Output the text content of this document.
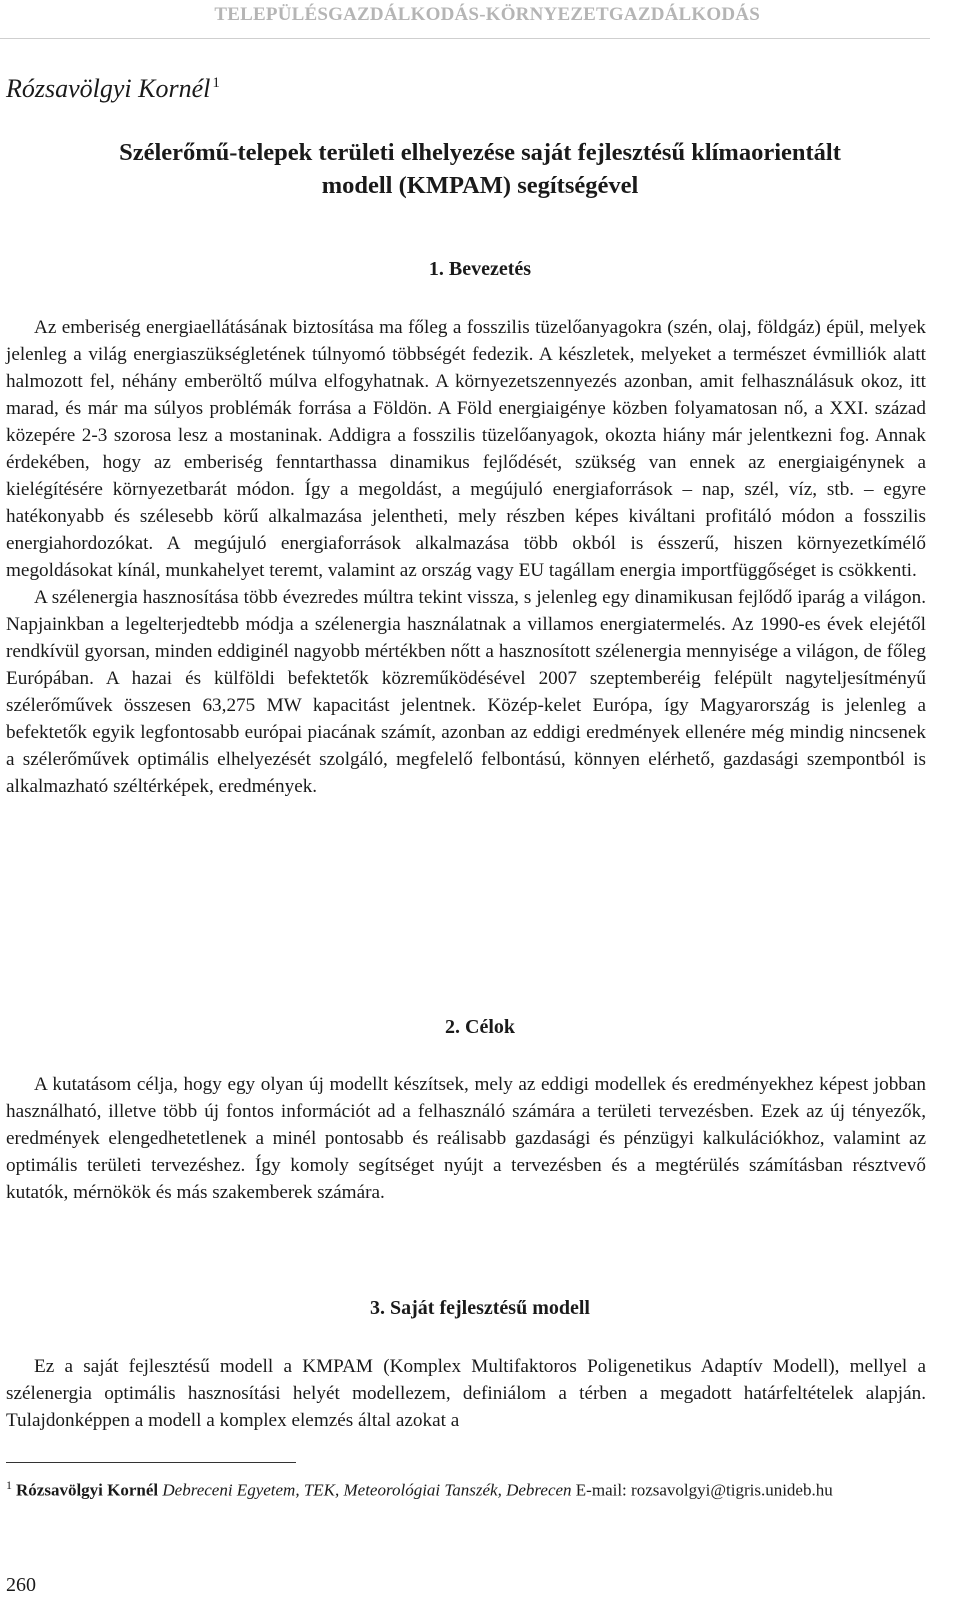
TELEPÜLÉSGAZDÁLKODÁS-KÖRNYEZETGAZDÁLKODÁS
Rózsavölgyi Kornél $^1$
Szélerőmű-telepek területi elhelyezése saját fejlesztésű klímaorientált
modell (KMPAM) segítségével
1. Bevezetés

Az emberiség energiaellátásának biztosítása ma főleg a fosszilis tüzelőanyagokra (szén, olaj, földgáz) épül, melyek jelenleg a világ energiaszükségletének túlnyomó többségét fedezik. A készletek, melyeket a természet évmilliók alatt halmozott fel, néhány emberöltő múlva elfogyhatnak. A környezetszennyezés azonban, amit felhasználásuk okoz, itt marad, és már ma súlyos problémák forrása a Földön. A Föld energiaigénye közben folyamatosan nő, a XXI. század közepére 2-3 szorosa lesz a mostaninak. Addigra a fosszilis tüzelőanyagok, okozta hiány már jelentkezni fog. Annak érdekében, hogy az emberiség fenntarthassa dinamikus fejlődését, szükség van ennek az energiaigénynek a kielégítésére környezetbarát módon. Így a megoldást, a megújuló energiaforrások – nap, szél, víz, stb. – egyre hatékonyabb és szélesebb körű alkalmazása jelentheti, mely részben képes kiváltani profitáló módon a fosszilis energiahordozókat. A megújuló energiaforrások alkalmazása több okból is ésszerű, hiszen környezetkímélő megoldásokat kínál, munkahelyet teremt, valamint az ország vagy EU tagállam energia importfüggőséget is csökkenti.

A szélenergia hasznosítása több évezredes múltra tekint vissza, s jelenleg egy dinamikusan fejlődő iparág a világon. Napjainkban a legelterjedtebb módja a szélenergia használatnak a villamos energiatermelés. Az 1990-es évek elejétől rendkívül gyorsan, minden eddiginél nagyobb mértékben nőtt a hasznosított szélenergia mennyisége a világon, de főleg Európában. A hazai és külföldi befektetők közreműködésével 2007 szeptemberéig felépült nagyteljesítményű szélerőművek összesen 63,275 MW kapacitást jelentnek. Közép-kelet Európa, így Magyarország is jelenleg a befektetők egyik legfontosabb európai piacának számít, azonban az eddigi eredmények ellenére még mindig nincsenek a szélerőművek optimális elhelyezését szolgáló, megfelelő felbontású, könnyen elérhető, gazdasági szempontból is alkalmazható széltérképek, eredmények.

2. Célok

A kutatásom célja, hogy egy olyan új modellt készítsek, mely az eddigi modellek és eredményekhez képest jobban használható, illetve több új fontos információt ad a felhasználó számára a területi tervezésben. Ezek az új tényezők, eredmények elengedhetetlenek a minél pontosabb és reálisabb gazdasági és pénzügyi kalkulációkhoz, valamint az optimális területi tervezéshez. Így komoly segítséget nyújt a tervezésben és a megtérülés számításban résztvevő kutatók, mérnökök és más szakemberek számára.

3. Saját fejlesztésű modell

Ez a saját fejlesztésű modell a KMPAM (Komplex Multifaktoros Poligenetikus Adaptív Modell), mellyel a szélenergia optimális hasznosítási helyét modellezem, definiálom a térben a megadott határfeltételek alapján. Tulajdonképpen a modell a komplex elemzés által azokat a

$^1$ Rózsavölgyi Kornél Debreceni Egyetem, TEK, Meteorológiai Tanszék, Debrecen E-mail: rozsavolgyi@tigris.unideb.hu
260
